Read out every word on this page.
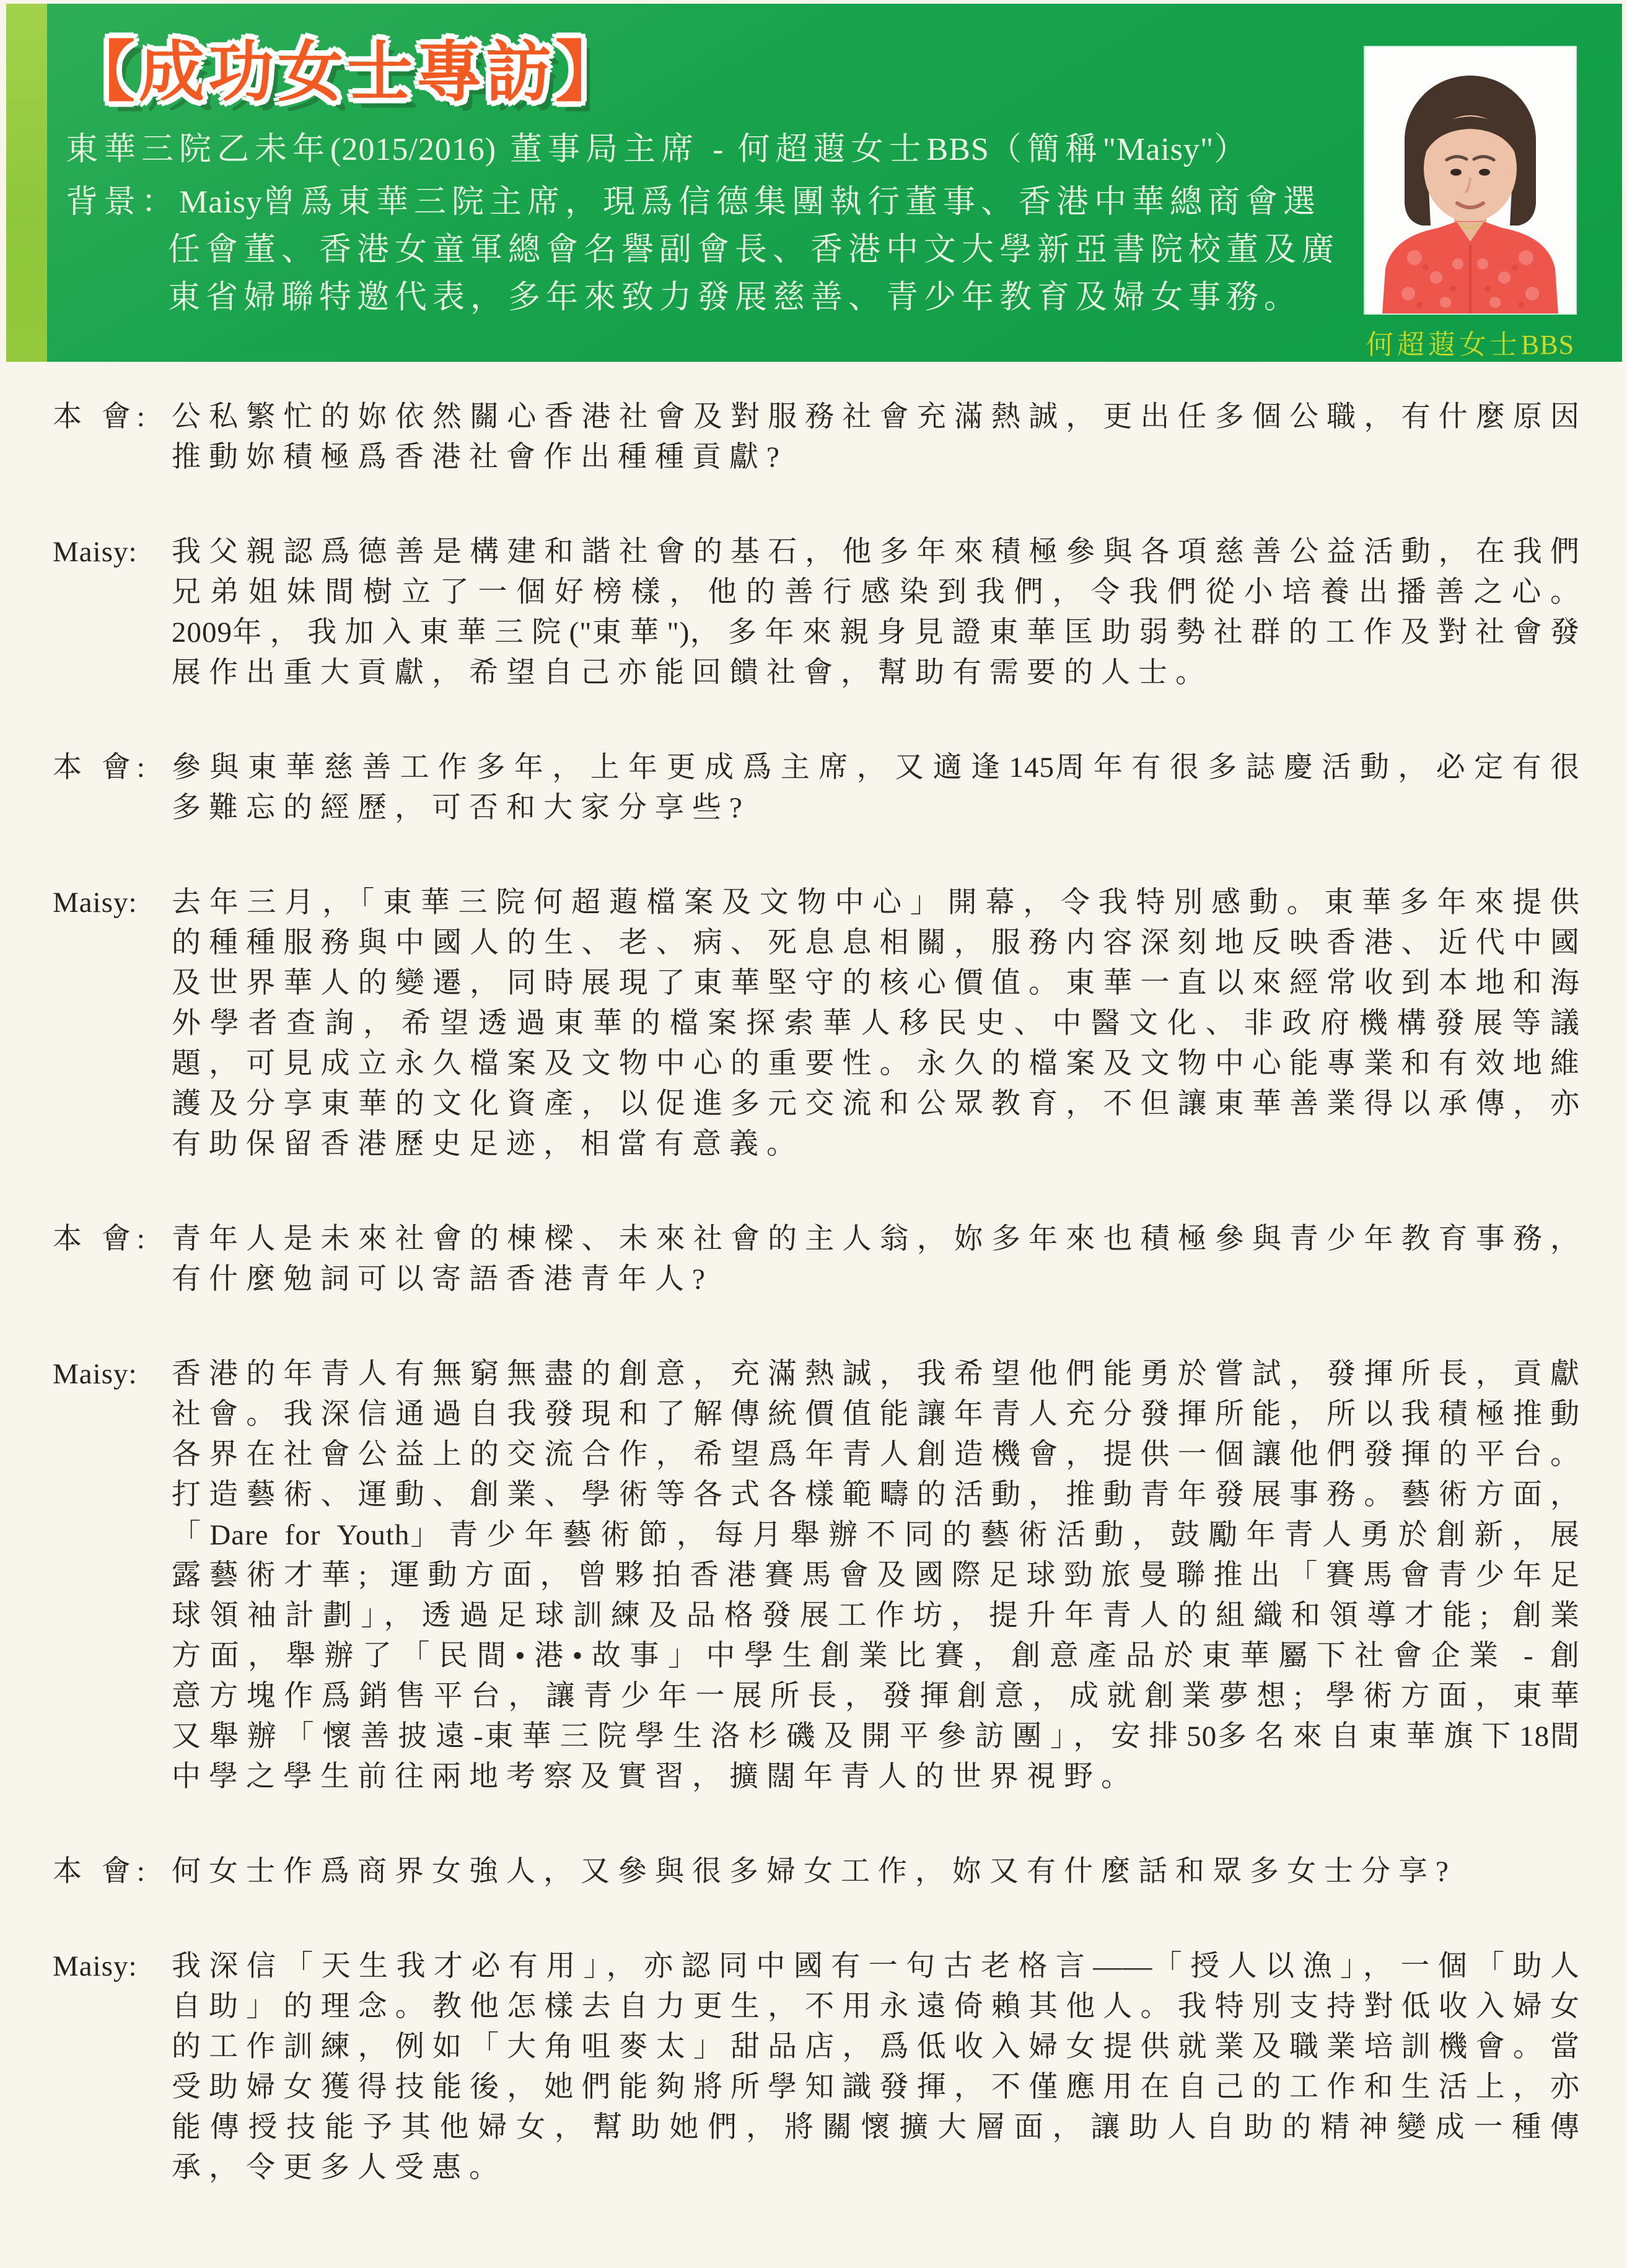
【成功女士專訪】
東華三院乙未年(2015/2016) 董事局主席 - 何超蕸女士BBS（簡稱"Maisy"）
背景：Maisy曾爲東華三院主席，現爲信德集團執行董事、香港中華總商會選任會董、香港女童軍總會名譽副會長、香港中文大學新亞書院校董及廣東省婦聯特邀代表，多年來致力發展慈善、青少年教育及婦女事務。
何超蕸女士BBS
本 會: 公私繁忙的妳依然關心香港社會及對服務社會充滿熱誠，更出任多個公職，有什麼原因推動妳積極爲香港社會作出種種貢獻?
Maisy: 我父親認爲德善是構建和諧社會的基石，他多年來積極參與各項慈善公益活動，在我們兄弟姐妹間樹立了一個好榜樣，他的善行感染到我們，令我們從小培養出播善之心。2009年，我加入東華三院("東華")，多年來親身見證東華匡助弱勢社群的工作及對社會發展作出重大貢獻，希望自己亦能回饋社會，幫助有需要的人士。
本 會: 參與東華慈善工作多年，上年更成爲主席，又適逢145周年有很多誌慶活動，必定有很多難忘的經歷，可否和大家分享些?
Maisy: 去年三月，「東華三院何超蕸檔案及文物中心」開幕，令我特別感動。東華多年來提供的種種服務與中國人的生、老、病、死息息相關，服務内容深刻地反映香港、近代中國及世界華人的變遷，同時展現了東華堅守的核心價值。東華一直以來經常收到本地和海外學者查詢，希望透過東華的檔案探索華人移民史、中醫文化、非政府機構發展等議題，可見成立永久檔案及文物中心的重要性。永久的檔案及文物中心能專業和有效地維護及分享東華的文化資產，以促進多元交流和公眾教育，不但讓東華善業得以承傳，亦有助保留香港歷史足迹，相當有意義。
本 會: 青年人是未來社會的棟樑、未來社會的主人翁，妳多年來也積極參與青少年教育事務，有什麼勉詞可以寄語香港青年人?
Maisy: 香港的年青人有無窮無盡的創意，充滿熱誠，我希望他們能勇於嘗試，發揮所長，貢獻社會。我深信通過自我發現和了解傳統價值能讓年青人充分發揮所能，所以我積極推動各界在社會公益上的交流合作，希望爲年青人創造機會，提供一個讓他們發揮的平台。打造藝術、運動、創業、學術等各式各樣範疇的活動，推動青年發展事務。藝術方面，「Dare for Youth」青少年藝術節，每月舉辦不同的藝術活動，鼓勵年青人勇於創新，展露藝術才華; 運動方面，曾夥拍香港賽馬會及國際足球勁旅曼聯推出「賽馬會青少年足球領袖計劃」，透過足球訓練及品格發展工作坊，提升年青人的組織和領導才能; 創業方面，舉辦了「民間•港•故事」中學生創業比賽，創意產品於東華屬下社會企業 - 創意方塊作爲銷售平台，讓青少年一展所長，發揮創意，成就創業夢想; 學術方面，東華又舉辦「懷善披遠-東華三院學生洛杉磯及開平參訪團」，安排50多名來自東華旗下18間中學之學生前往兩地考察及實習，擴闊年青人的世界視野。
本 會: 何女士作爲商界女強人，又參與很多婦女工作，妳又有什麼話和眾多女士分享?
Maisy: 我深信「天生我才必有用」，亦認同中國有一句古老格言——「授人以漁」，一個「助人自助」的理念。教他怎樣去自力更生，不用永遠倚賴其他人。我特別支持對低收入婦女的工作訓練，例如「大角咀麥太」甜品店，爲低收入婦女提供就業及職業培訓機會。當受助婦女獲得技能後，她們能夠將所學知識發揮，不僅應用在自己的工作和生活上，亦能傳授技能予其他婦女，幫助她們，將關懷擴大層面，讓助人自助的精神變成一種傳承，令更多人受惠。
